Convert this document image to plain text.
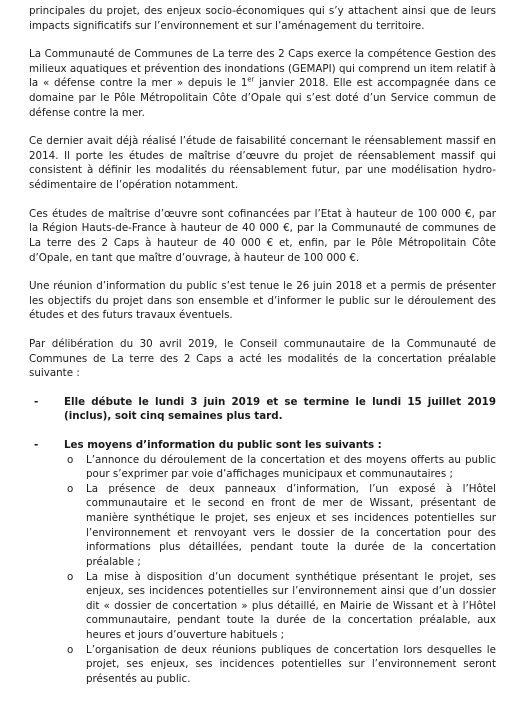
principales du projet, des enjeux socio-économiques qui s’y attachent ainsi que de leurs impacts significatifs sur l’environnement et sur l’aménagement du territoire.

La Communauté de Communes de La terre des 2 Caps exerce la compétence Gestion des milieux aquatiques et prévention des inondations (GEMAPI) qui comprend un item relatif à la « défense contre la mer » depuis le 1er janvier 2018. Elle est accompagnée dans ce domaine par le Pôle Métropolitain Côte d’Opale qui s’est doté d’un Service commun de défense contre la mer.

Ce dernier avait déjà réalisé l’étude de faisabilité concernant le réensablement massif en 2014. Il porte les études de maîtrise d’œuvre du projet de réensablement massif qui consistent à définir les modalités du réensablement futur, par une modélisation hydro-sédimentaire de l’opération notamment.

Ces études de maîtrise d’œuvre sont cofinancées par l’Etat à hauteur de 100 000 €, par la Région Hauts-de-France à hauteur de 40 000 €, par la Communauté de communes de La terre des 2 Caps à hauteur de 40 000 € et, enfin, par le Pôle Métropolitain Côte d’Opale, en tant que maître d’ouvrage, à hauteur de 100 000 €.

Une réunion d’information du public s’est tenue le 26 juin 2018 et a permis de présenter les objectifs du projet dans son ensemble et d’informer le public sur le déroulement des études et des futurs travaux éventuels.

Par délibération du 30 avril 2019, le Conseil communautaire de la Communauté de Communes de La terre des 2 Caps a acté les modalités de la concertation préalable suivante :

- Elle débute le lundi 3 juin 2019 et se termine le lundi 15 juillet 2019 (inclus), soit cinq semaines plus tard.
- Les moyens d’information du public sont les suivants :
o L’annonce du déroulement de la concertation et des moyens offerts au public pour s’exprimer par voie d’affichages municipaux et communautaires ;
o La présence de deux panneaux d’information, l’un exposé à l’Hôtel communautaire et le second en front de mer de Wissant, présentant de manière synthétique le projet, ses enjeux et ses incidences potentielles sur l’environnement et renvoyant vers le dossier de la concertation pour des informations plus détaillées, pendant toute la durée de la concertation préalable ;
o La mise à disposition d’un document synthétique présentant le projet, ses enjeux, ses incidences potentielles sur l’environnement ainsi que d’un dossier dit « dossier de concertation » plus détaillé, en Mairie de Wissant et à l’Hôtel communautaire, pendant toute la durée de la concertation préalable, aux heures et jours d’ouverture habituels ;
o L’organisation de deux réunions publiques de concertation lors desquelles le projet, ses enjeux, ses incidences potentielles sur l’environnement seront présentés au public.
